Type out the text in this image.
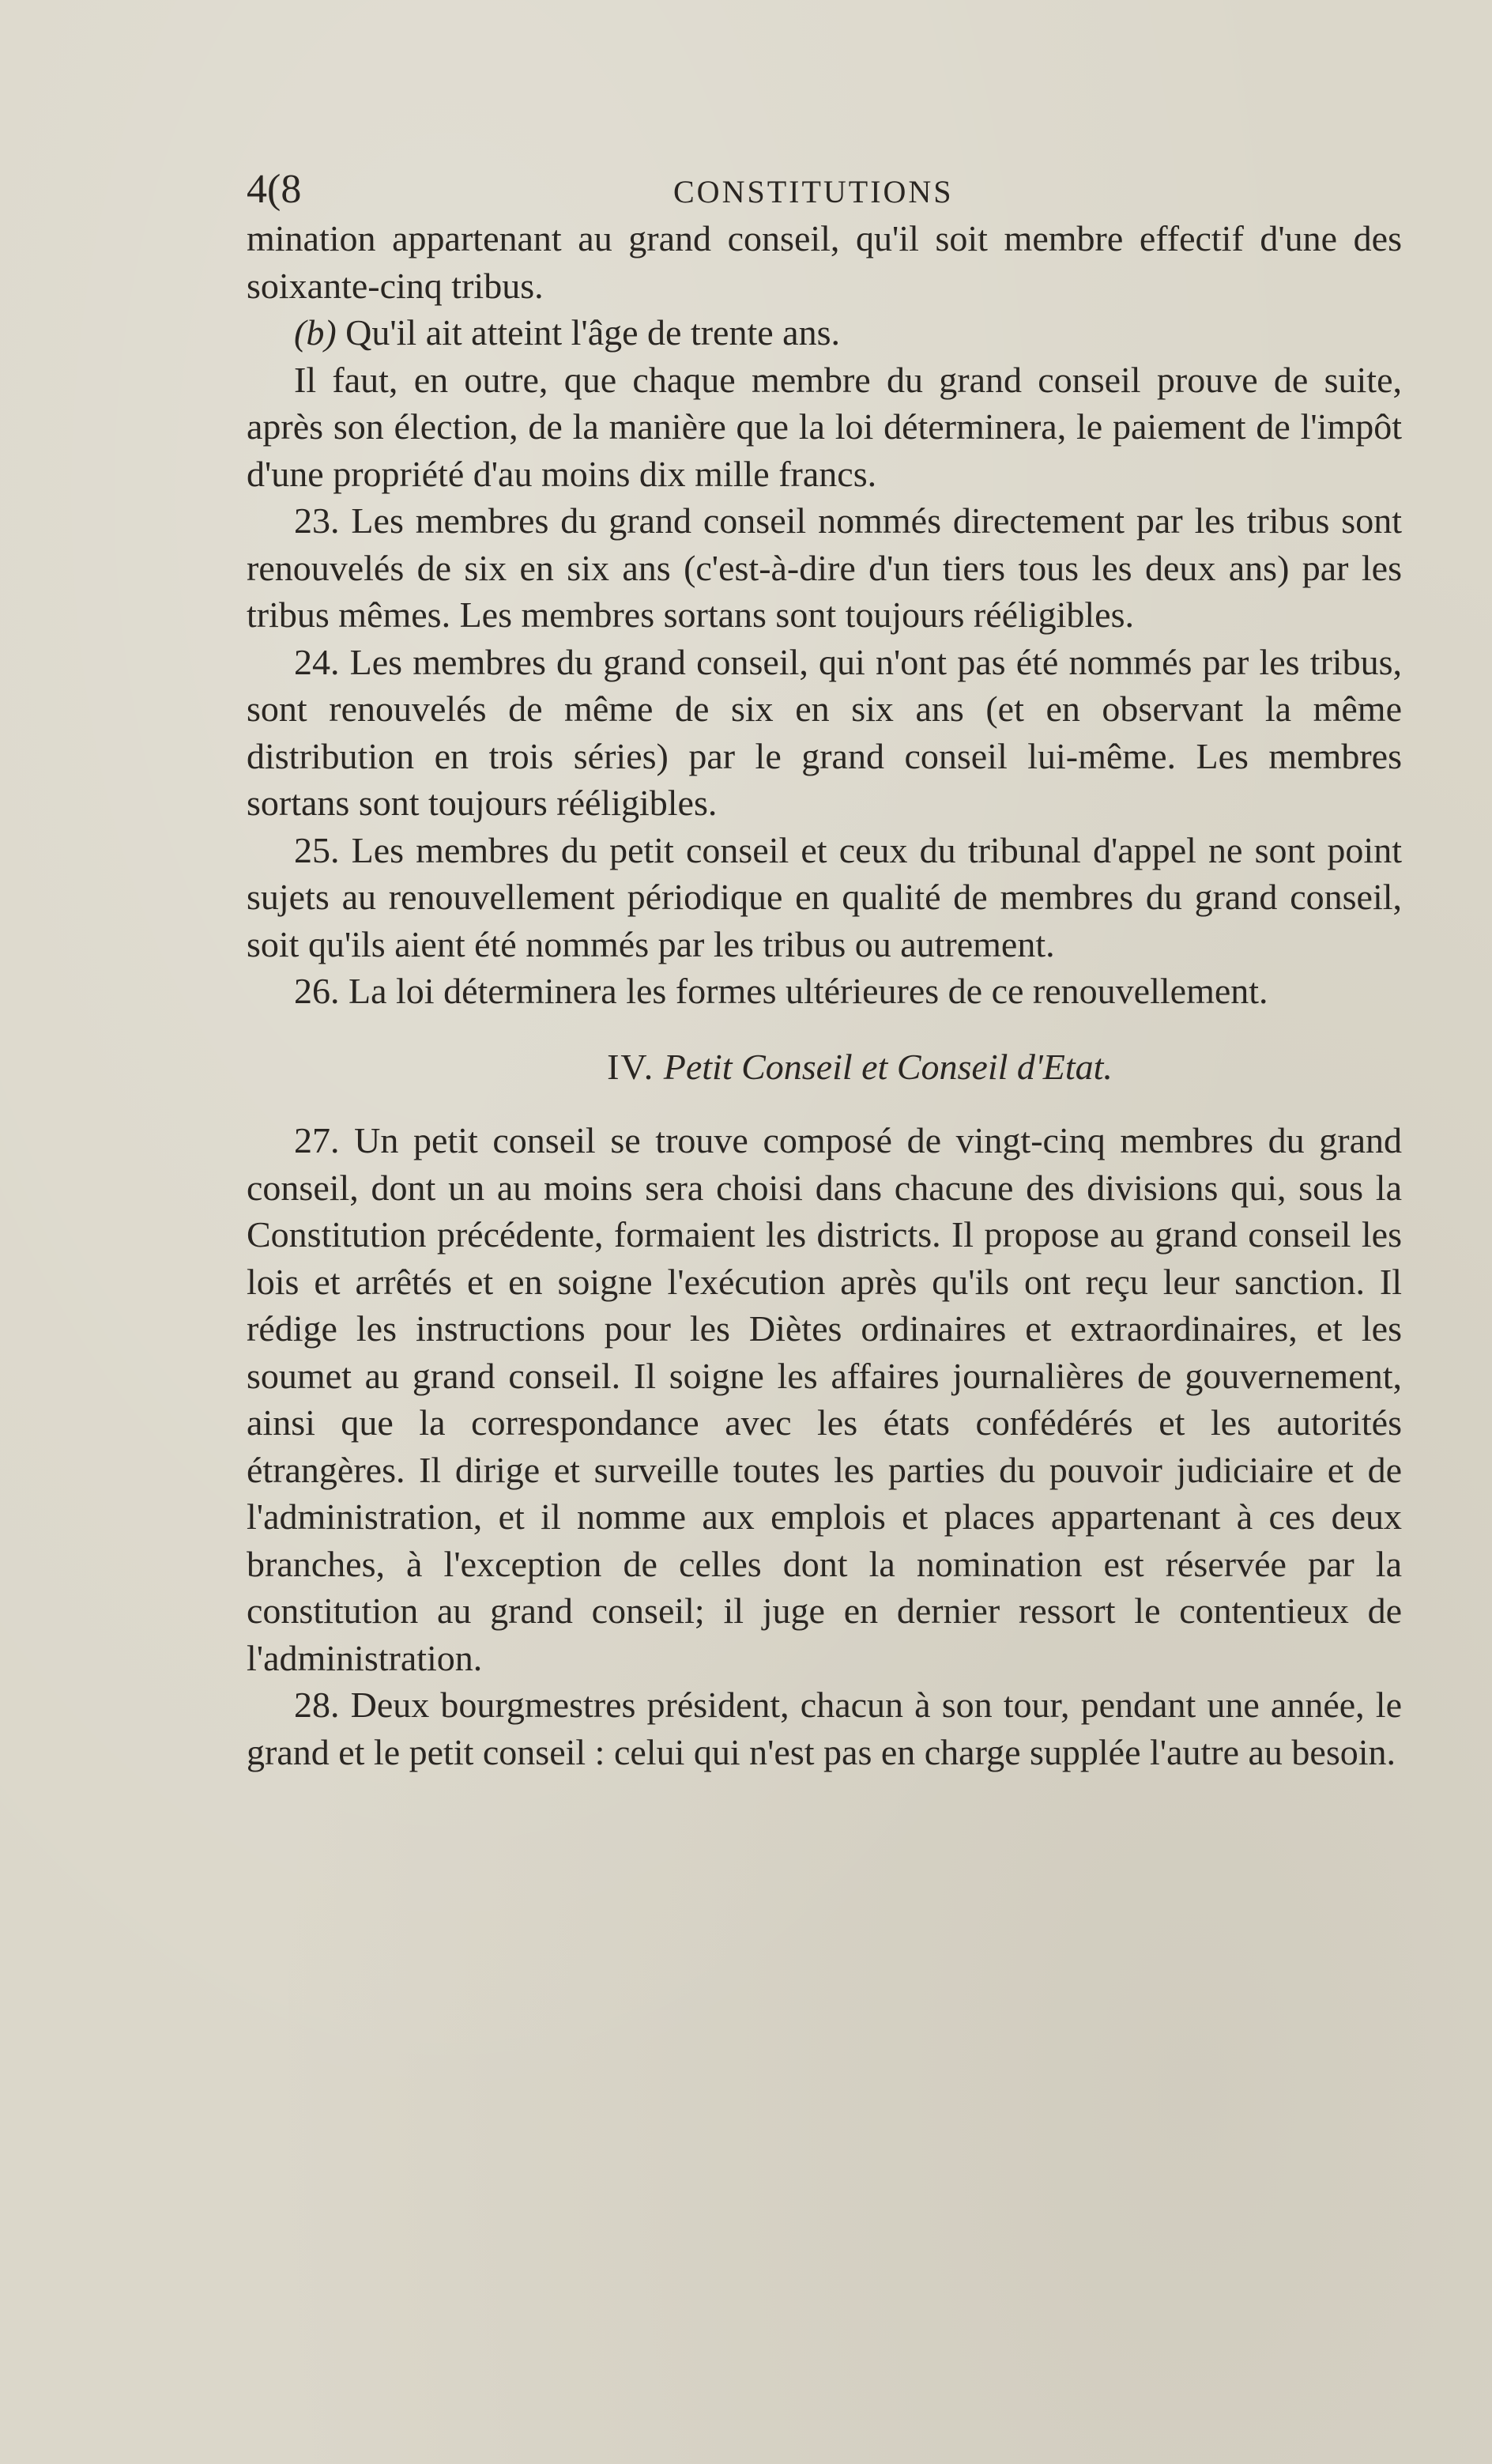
4(8	CONSTITUTIONS

mination appartenant au grand conseil, qu'il soit membre effectif d'une des soixante-cinq tribus.

(b) Qu'il ait atteint l'âge de trente ans.

Il faut, en outre, que chaque membre du grand conseil prouve de suite, après son élection, de la manière que la loi déterminera, le paiement de l'impôt d'une propriété d'au moins dix mille francs.

23. Les membres du grand conseil nommés directement par les tribus sont renouvelés de six en six ans (c'est-à-dire d'un tiers tous les deux ans) par les tribus mêmes. Les membres sortans sont toujours rééligibles.

24. Les membres du grand conseil, qui n'ont pas été nommés par les tribus, sont renouvelés de même de six en six ans (et en observant la même distribution en trois séries) par le grand conseil lui-même. Les membres sortans sont toujours rééligibles.

25. Les membres du petit conseil et ceux du tribunal d'appel ne sont point sujets au renouvellement périodique en qualité de membres du grand conseil, soit qu'ils aient été nommés par les tribus ou autrement.

26. La loi déterminera les formes ultérieures de ce renouvellement.

IV. Petit Conseil et Conseil d'Etat.

27. Un petit conseil se trouve composé de vingt-cinq membres du grand conseil, dont un au moins sera choisi dans chacune des divisions qui, sous la Constitution précédente, formaient les districts. Il propose au grand conseil les lois et arrêtés et en soigne l'exécution après qu'ils ont reçu leur sanction. Il rédige les instructions pour les Diètes ordinaires et extraordinaires, et les soumet au grand conseil. Il soigne les affaires journalières de gouvernement, ainsi que la correspondance avec les états confédérés et les autorités étrangères. Il dirige et surveille toutes les parties du pouvoir judiciaire et de l'administration, et il nomme aux emplois et places appartenant à ces deux branches, à l'exception de celles dont la nomination est réservée par la constitution au grand conseil; il juge en dernier ressort le contentieux de l'administration.

28. Deux bourgmestres président, chacun à son tour, pendant une année, le grand et le petit conseil : celui qui n'est pas en charge supplée l'autre au besoin.
